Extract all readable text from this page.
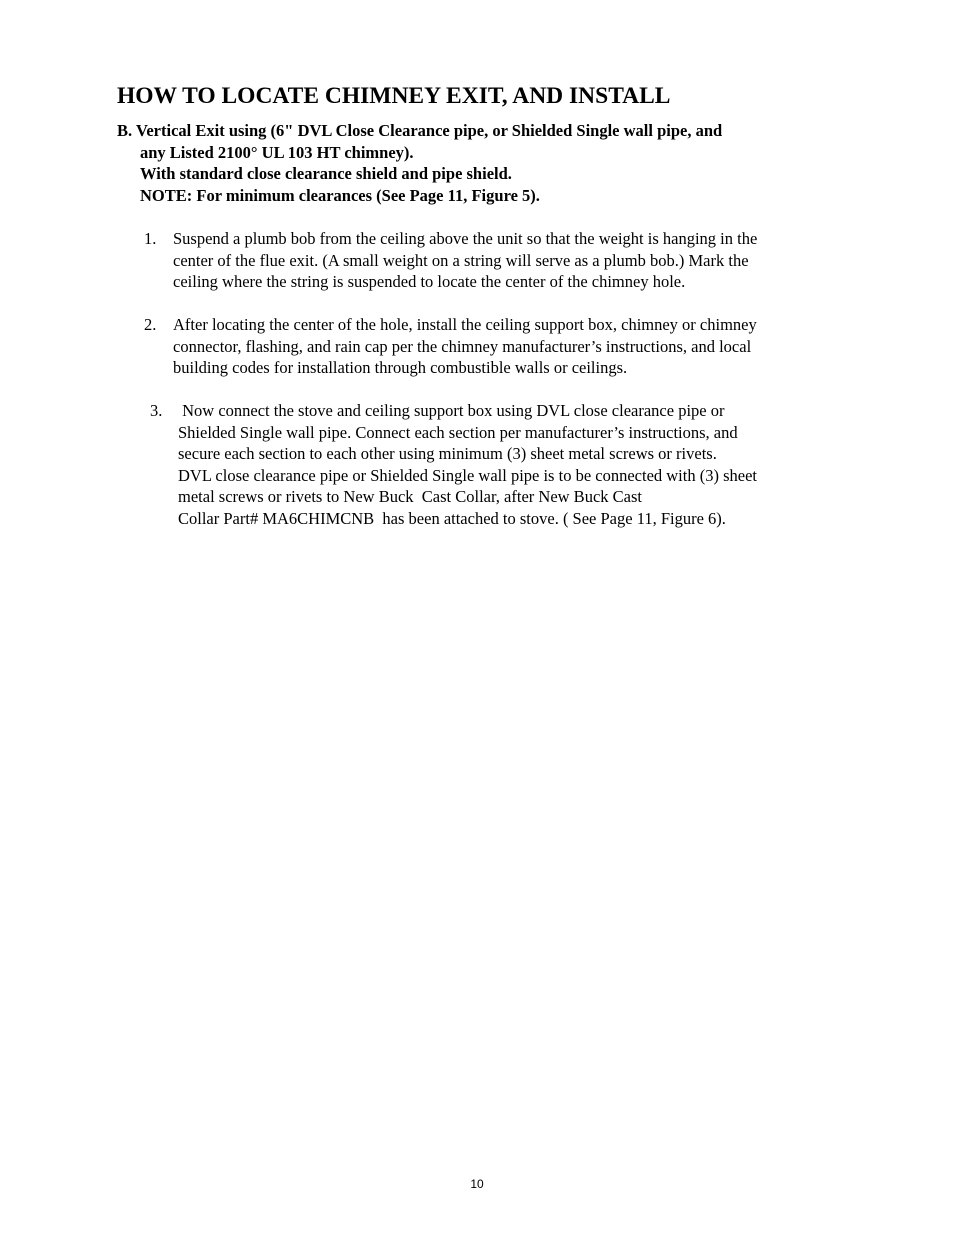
HOW TO LOCATE CHIMNEY EXIT, AND INSTALL
B. Vertical Exit using (6" DVL Close Clearance pipe, or Shielded Single wall pipe, and
any Listed 2100° UL 103 HT chimney).
With standard close clearance shield and pipe shield.
NOTE: For minimum clearances (See Page 11, Figure 5).
1. Suspend a plumb bob from the ceiling above the unit so that the weight is hanging in the
center of the flue exit. (A small weight on a string will serve as a plumb bob.) Mark the
ceiling where the string is suspended to locate the center of the chimney hole.
2. After locating the center of the hole, install the ceiling support box, chimney or chimney
connector, flashing, and rain cap per the chimney manufacturer’s instructions, and local
building codes for installation through combustible walls or ceilings.
3. Now connect the stove and ceiling support box using DVL close clearance pipe or
Shielded Single wall pipe. Connect each section per manufacturer’s instructions, and
secure each section to each other using minimum (3) sheet metal screws or rivets.
DVL close clearance pipe or Shielded Single wall pipe is to be connected with (3) sheet
metal screws or rivets to New Buck  Cast Collar, after New Buck Cast
Collar Part# MA6CHIMCNB  has been attached to stove. ( See Page 11, Figure 6).
10
